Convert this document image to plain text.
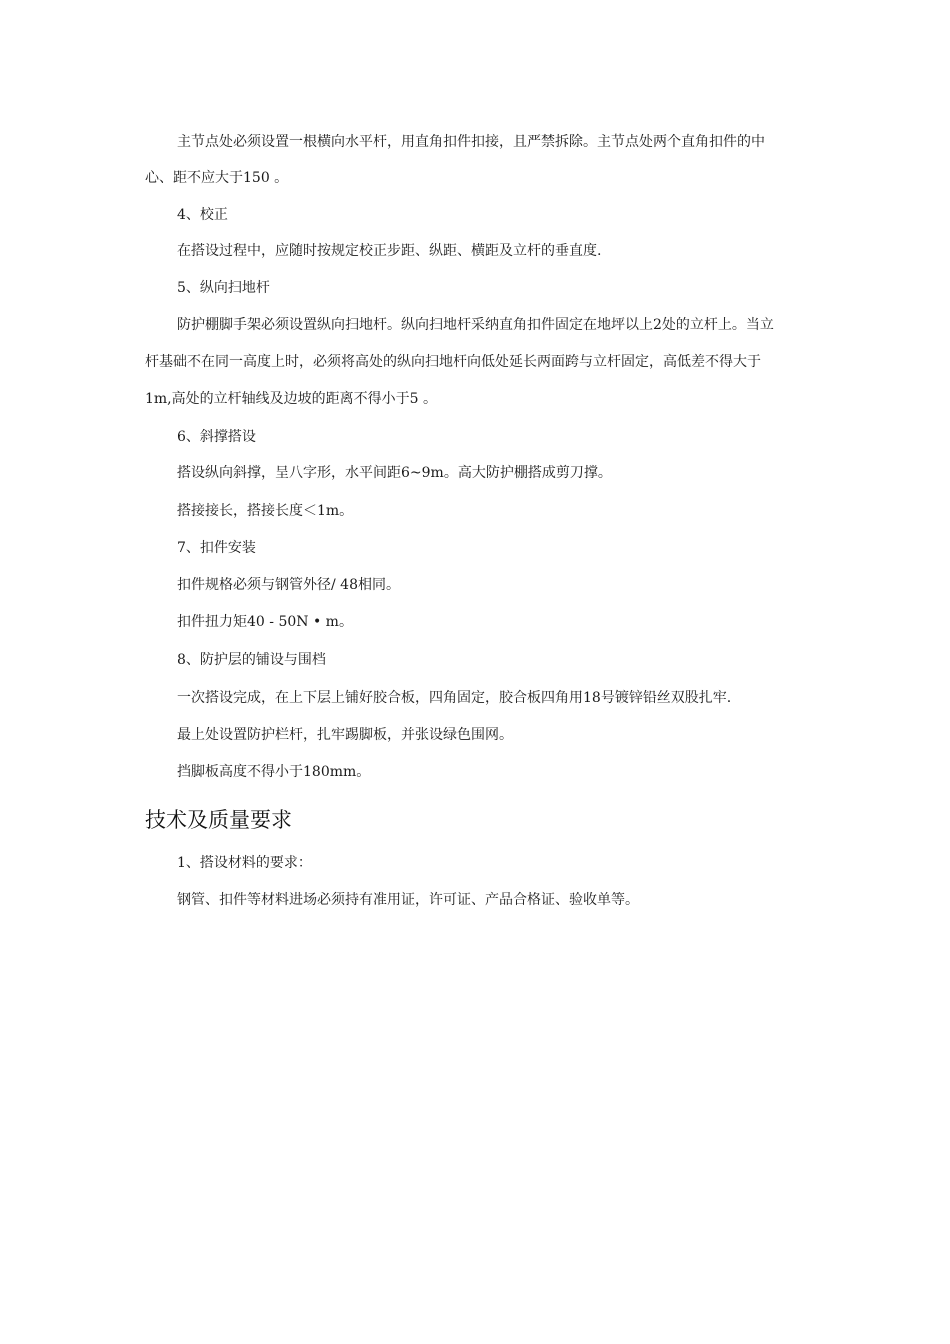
主节点处必须设置一根横向水平杆，用直角扣件扣接，且严禁拆除。主节点处两个直角扣件的中
心、距不应大于150 。
4、校正
在搭设过程中，应随时按规定校正步距、纵距、横距及立杆的垂直度.
5、纵向扫地杆
防护棚脚手架必须设置纵向扫地杆。纵向扫地杆采纳直角扣件固定在地坪以上2处的立杆上。当立
杆基础不在同一高度上时，必须将高处的纵向扫地杆向低处延长两面跨与立杆固定，高低差不得大于
1m,高处的立杆轴线及边坡的距离不得小于5 。
6、斜撑搭设
搭设纵向斜撑，呈八字形，水平间距6~9m。高大防护棚搭成剪刀撑。
搭接接长，搭接长度＜1m。
7、扣件安装
扣件规格必须与钢管外径/ 48相同。
扣件扭力矩40 - 50N • m。
8、防护层的铺设与围档
一次搭设完成，在上下层上铺好胶合板，四角固定，胶合板四角用18号镀锌铅丝双股扎牢.
最上处设置防护栏杆，扎牢踢脚板，并张设绿色围网。
挡脚板高度不得小于180mm。
技术及质量要求
1、搭设材料的要求：
钢管、扣件等材料进场必须持有准用证，许可证、产品合格证、验收单等。
